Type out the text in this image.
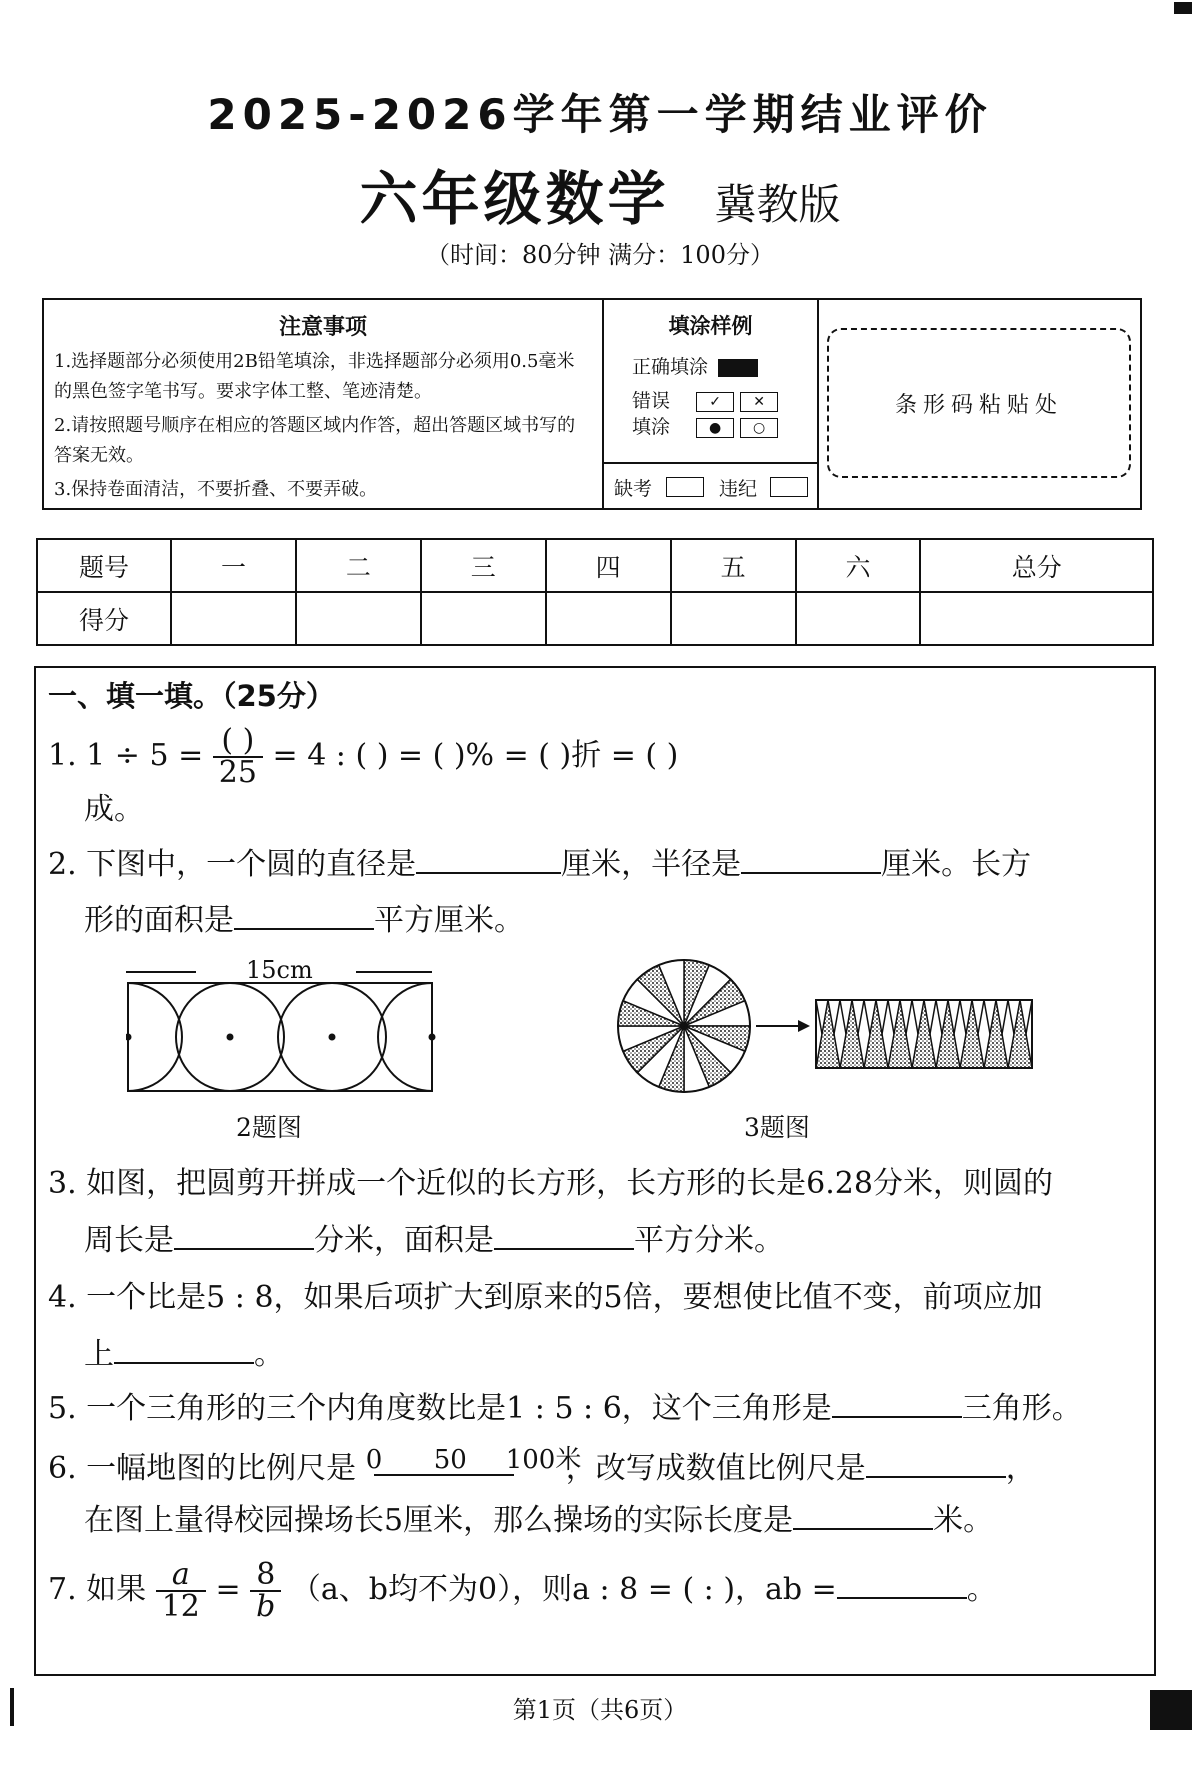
2025-2026学年第一学期结业评价
六年级数学 冀教版
（时间：80分钟 满分：100分）
注意事项

1.选择题部分必须使用2B铅笔填涂，非选择题部分必须用0.5毫米的黑色签字笔书写。要求字体工整、笔迹清楚。

2.请按照题号顺序在相应的答题区域内作答，超出答题区域书写的答案无效。

3.保持卷面清洁，不要折叠、不要弄破。

填涂样例
正确填涂
错误	✓ ✕
填涂	● ○
缺考	违纪
条形码粘贴处
题号	一	二	三	四	五	六	总分
得分							
一、填一填。（25分）
1. $1 \div 5 = \frac{( )}{25} = 4$ : ( ) = ( )% = ( )折 = ( )
成。
2. 下图中，一个圆的直径是	厘米，半径是	厘米。长方
形的面积是	平方厘米。
15cm
2题图	3题图
3. 如图，把圆剪开拼成一个近似的长方形，长方形的长是6.28分米，则圆的
周长是	分米，面积是	平方分米。
4. 一个比是5 : 8，如果后项扩大到原来的5倍，要想使比值不变，前项应加
上	。
5. 一个三角形的三个内角度数比是1 : 5 : 6，这个三角形是	三角形。
6. 一幅地图的比例尺是 0 50 100米
，改写成数值比例尺是	，
在图上量得校园操场长5厘米，那么操场的实际长度是	米。
7. 如果 $\frac{a}{12} = \frac{8}{b} (a$、b均不为0），则a : 8 = ( : )，ab =	。
第1页（共6页）
